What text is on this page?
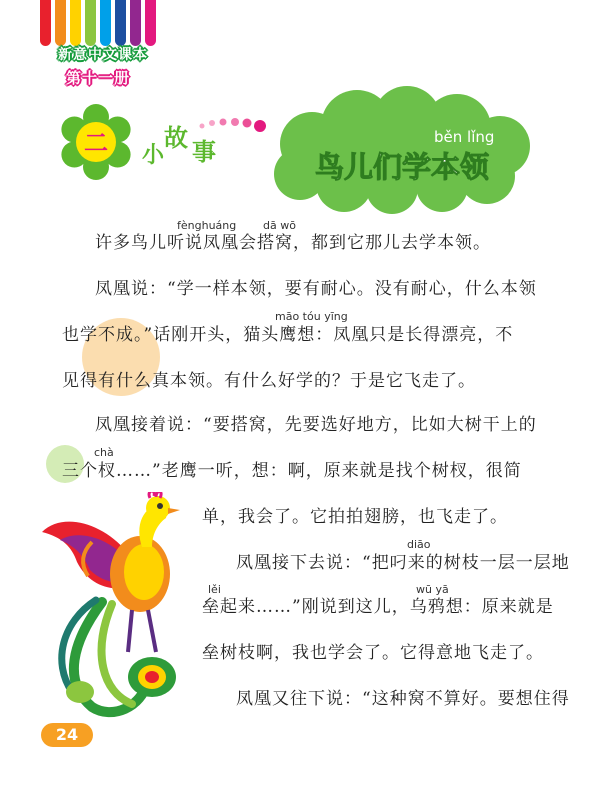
新意中文课本
第十一册
二 小
故 事
běn lǐng
鸟儿们学本领
fènghuáng dā wō
māo tóu yīng
chà
diāo
lěi	wū yā

许多鸟儿听说凤凰会搭窝，都到它那儿去学本领。

凤凰说：“学一样本领，要有耐心。没有耐心，什么本领

也学不成。”话刚开头，猫头鹰想：凤凰只是长得漂亮，不

见得有什么真本领。有什么好学的？于是它飞走了。

凤凰接着说：“要搭窝，先要选好地方，比如大树干上的

三个杈……”老鹰一听，想：啊，原来就是找个树杈，很简

单，我会了。它拍拍翅膀，也飞走了。

凤凰接下去说：“把叼来的树枝一层一层地

垒起来……”刚说到这儿，乌鸦想：原来就是

垒树枝啊，我也学会了。它得意地飞走了。

凤凰又往下说：“这种窝不算好。要想住得

24
